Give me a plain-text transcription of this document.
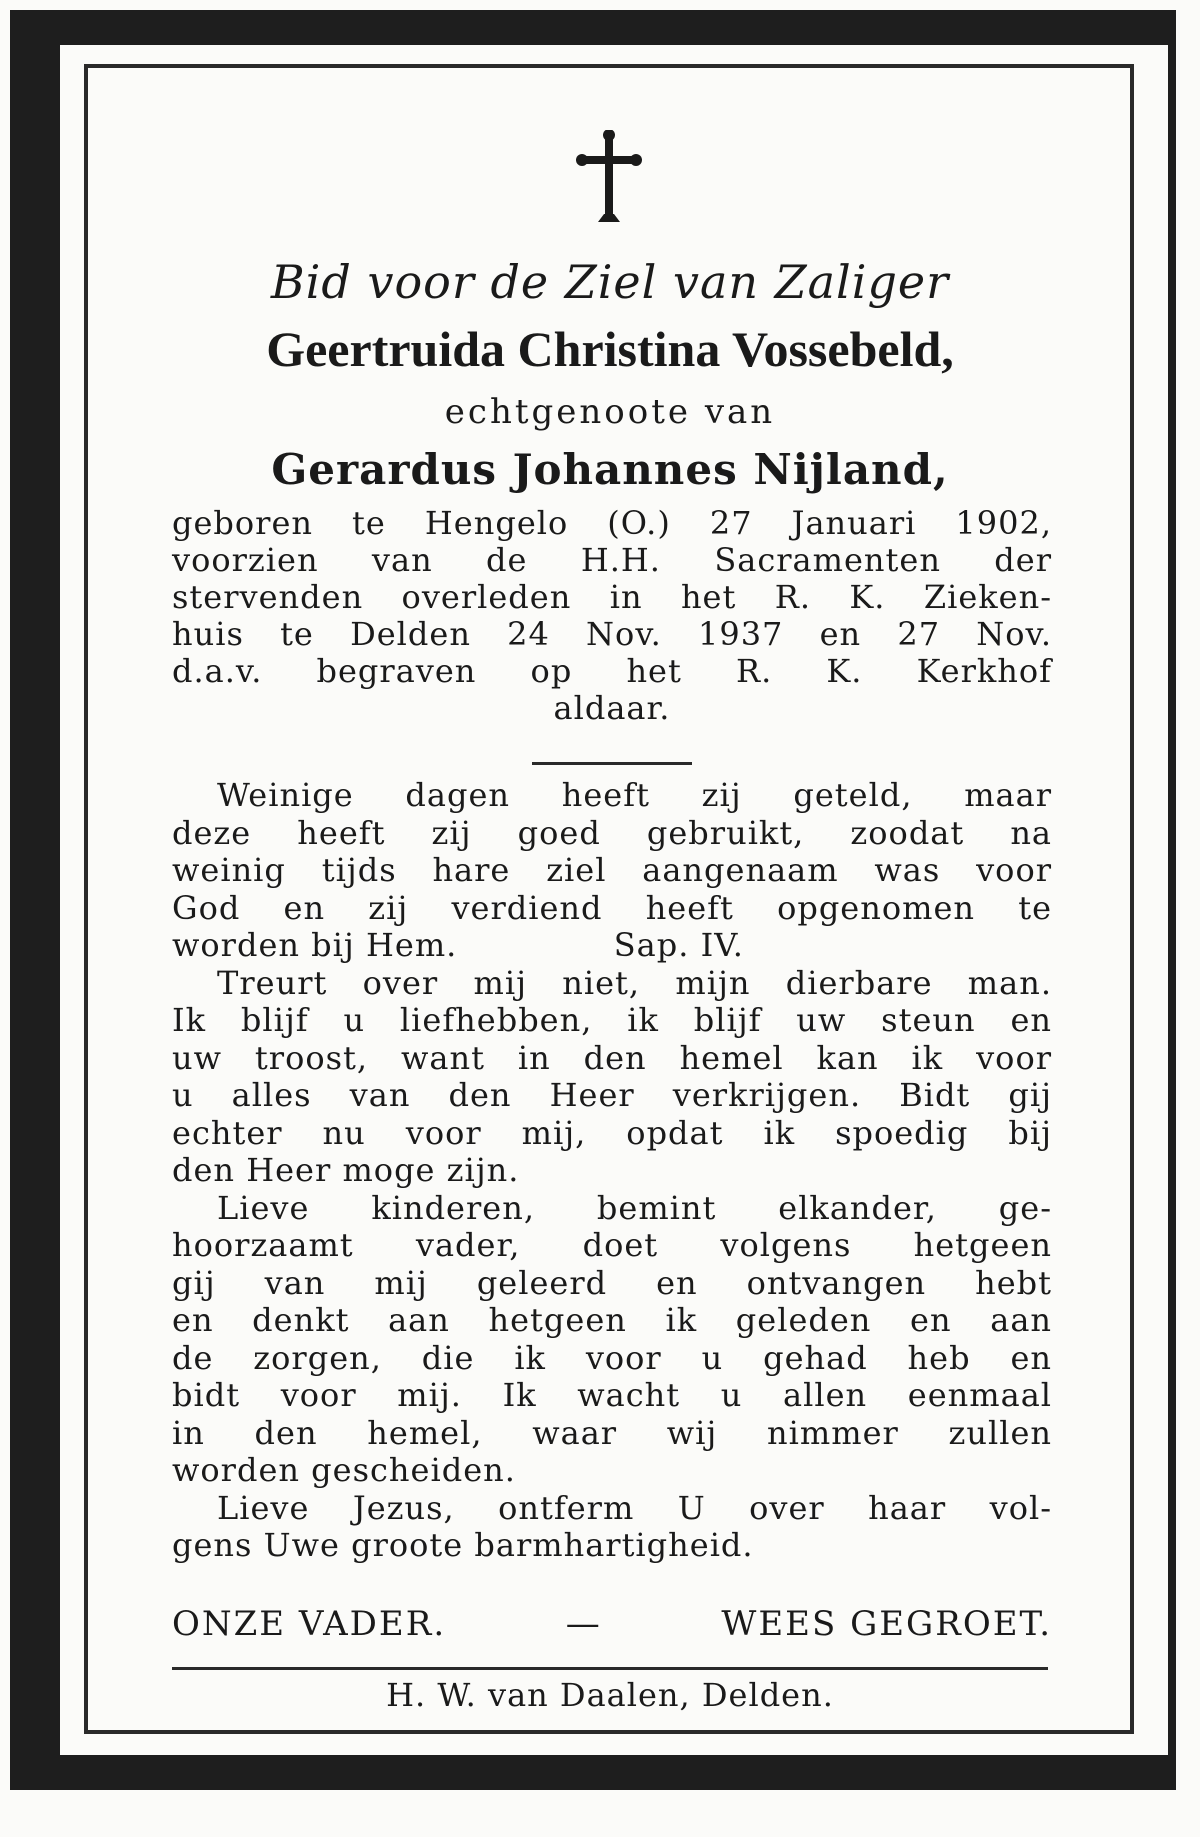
Bid voor de Ziel van Zaliger

Geertruida Christina Vossebeld,

echtgenoote van

Gerardus Johannes Nijland,

geboren te Hengelo (O.) 27 Januari 1902,
voorzien van de H.H. Sacramenten der
stervenden overleden in het R. K. Zieken-
huis te Delden 24 Nov. 1937 en 27 Nov.
d.a.v. begraven op het R. K. Kerkhof
aldaar.
Weinige dagen heeft zij geteld, maar
deze heeft zij goed gebruikt, zoodat na
weinig tijds hare ziel aangenaam was voor
God en zij verdiend heeft opgenomen te
worden bij Hem.              Sap. IV.
Treurt over mij niet, mijn dierbare man.
Ik blijf u liefhebben, ik blijf uw steun en
uw troost, want in den hemel kan ik voor
u alles van den Heer verkrijgen. Bidt gij
echter nu voor mij, opdat ik spoedig bij
den Heer moge zijn.
Lieve kinderen, bemint elkander, ge-
hoorzaamt vader, doet volgens hetgeen
gij van mij geleerd en ontvangen hebt
en denkt aan hetgeen ik geleden en aan
de zorgen, die ik voor u gehad heb en
bidt voor mij. Ik wacht u allen eenmaal
in den hemel, waar wij nimmer zullen
worden gescheiden.
Lieve Jezus, ontferm U over haar vol-
gens Uwe groote barmhartigheid.
ONZE VADER.	—	WEES GEGROET.

H. W. van Daalen, Delden.
